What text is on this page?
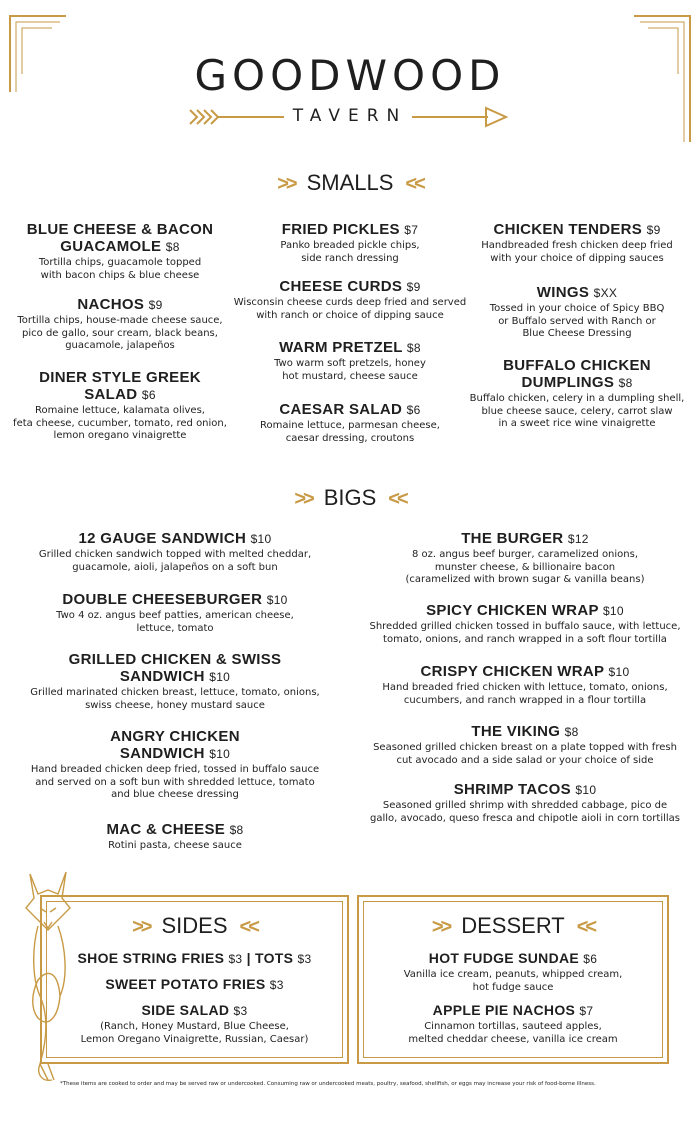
GOODWOOD
TAVERN
>> SMALLS <<
BLUE CHEESE & BACON
GUACAMOLE $8
Tortilla chips, guacamole topped
with bacon chips & blue cheese
NACHOS $9
Tortilla chips, house-made cheese sauce,
pico de gallo, sour cream, black beans,
guacamole, jalapeños
DINER STYLE GREEK
SALAD $6
Romaine lettuce, kalamata olives,
feta cheese, cucumber, tomato, red onion,
lemon oregano vinaigrette
FRIED PICKLES $7
Panko breaded pickle chips,
side ranch dressing
CHEESE CURDS $9
Wisconsin cheese curds deep fried and served
with ranch or choice of dipping sauce
WARM PRETZEL $8
Two warm soft pretzels, honey
hot mustard, cheese sauce
CAESAR SALAD $6
Romaine lettuce, parmesan cheese,
caesar dressing, croutons
CHICKEN TENDERS $9
Handbreaded fresh chicken deep fried
with your choice of dipping sauces
WINGS $XX
Tossed in your choice of Spicy BBQ
or Buffalo served with Ranch or
Blue Cheese Dressing
BUFFALO CHICKEN
DUMPLINGS $8
Buffalo chicken, celery in a dumpling shell,
blue cheese sauce, celery, carrot slaw
in a sweet rice wine vinaigrette
>> BIGS <<
12 GAUGE SANDWICH $10
Grilled chicken sandwich topped with melted cheddar,
guacamole, aioli, jalapeños on a soft bun
DOUBLE CHEESEBURGER $10
Two 4 oz. angus beef patties, american cheese,
lettuce, tomato
GRILLED CHICKEN & SWISS
SANDWICH $10
Grilled marinated chicken breast, lettuce, tomato, onions,
swiss cheese, honey mustard sauce
ANGRY CHICKEN
SANDWICH $10
Hand breaded chicken deep fried, tossed in buffalo sauce
and served on a soft bun with shredded lettuce, tomato
and blue cheese dressing
MAC & CHEESE $8
Rotini pasta, cheese sauce
THE BURGER $12
8 oz. angus beef burger, caramelized onions,
munster cheese, & billionaire bacon
(caramelized with brown sugar & vanilla beans)
SPICY CHICKEN WRAP $10
Shredded grilled chicken tossed in buffalo sauce, with lettuce,
tomato, onions, and ranch wrapped in a soft flour tortilla
CRISPY CHICKEN WRAP $10
Hand breaded fried chicken with lettuce, tomato, onions,
cucumbers, and ranch wrapped in a flour tortilla
THE VIKING $8
Seasoned grilled chicken breast on a plate topped with fresh
cut avocado and a side salad or your choice of side
SHRIMP TACOS $10
Seasoned grilled shrimp with shredded cabbage, pico de
gallo, avocado, queso fresca and chipotle aioli in corn tortillas
>> SIDES <<
SHOE STRING FRIES $3 | TOTS $3
SWEET POTATO FRIES $3
SIDE SALAD $3
(Ranch, Honey Mustard, Blue Cheese,
Lemon Oregano Vinaigrette, Russian, Caesar)
>> DESSERT <<
HOT FUDGE SUNDAE $6
Vanilla ice cream, peanuts, whipped cream,
hot fudge sauce
APPLE PIE NACHOS $7
Cinnamon tortillas, sauteed apples,
melted cheddar cheese, vanilla ice cream
*These items are cooked to order and may be served raw or undercooked. Consuming raw or undercooked meats, poultry, seafood, shellfish, or eggs may increase your risk of food-borne illness.
